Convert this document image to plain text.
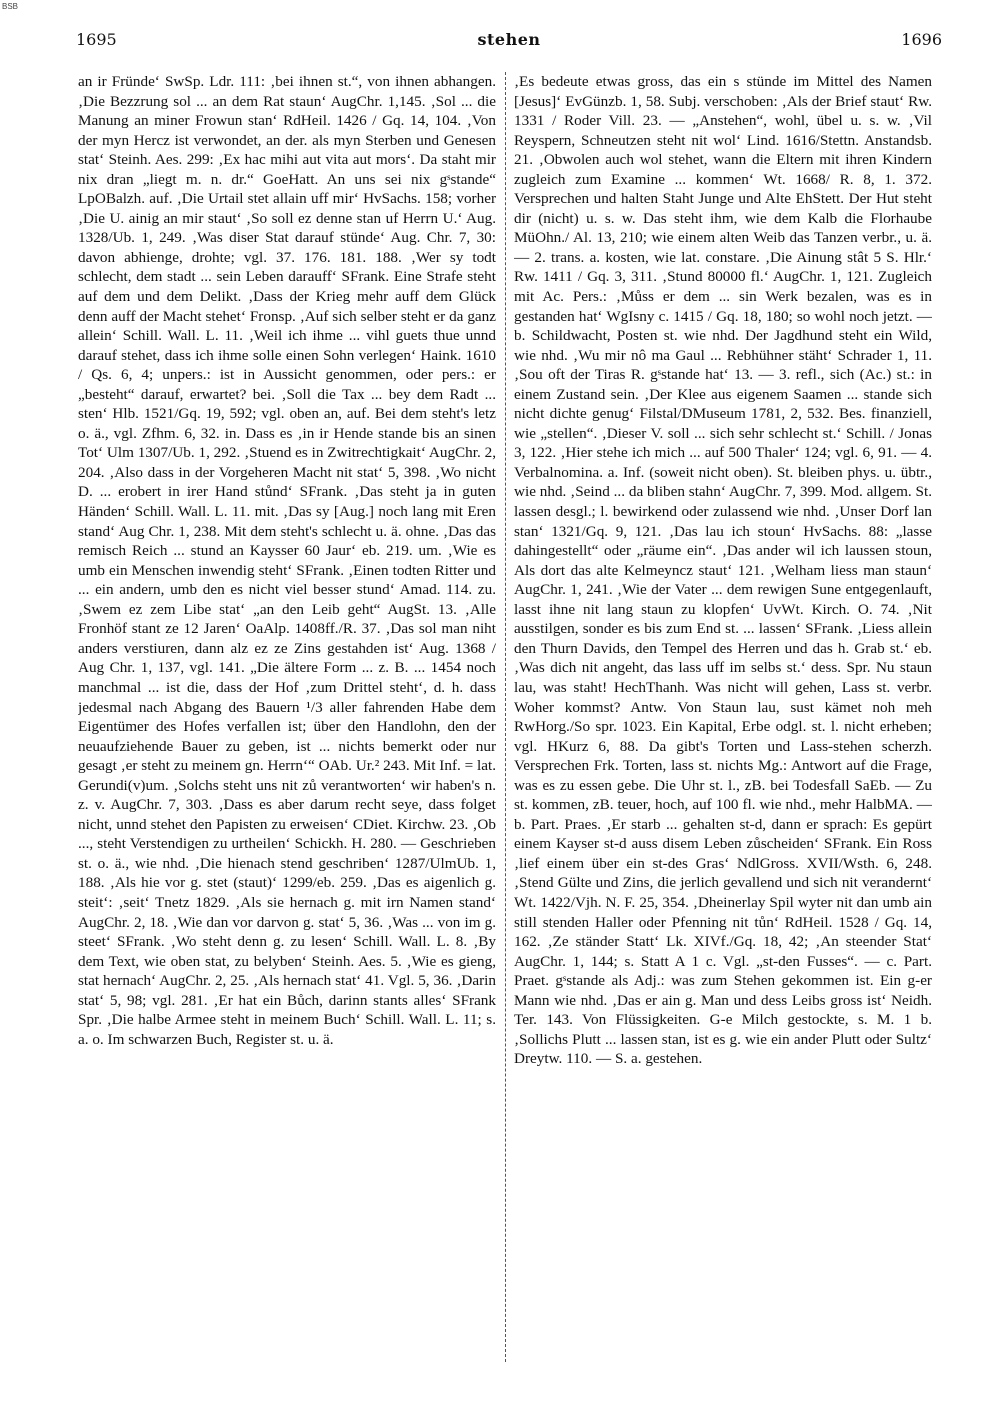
BSB
stehen
1695	1696

an ir Fründe‘ SwSp. Ldr. 111: ‚bei ihnen st.“, von ihnen abhangen. ‚Die Bezzrung sol ... an dem Rat staun‘ AugChr. 1,145. ‚Sol ... die Manung an miner Frowun stan‘ RdHeil. 1426 / Gq. 14, 104. ‚Von der myn Hercz ist verwondet, an der. als myn Sterben und Genesen stat‘ Steinh. Aes. 299: ‚Ex hac mihi aut vita aut mors‘. Da staht mir nix dran „liegt m. n. dr.“ GoeHatt. An uns sei nix gˢstande“ LpOBalzh. auf. ‚Die Urtail stet allain uff mir‘ HvSachs. 158; vorher ‚Die U. ainig an mir staut‘ ‚So soll ez denne stan uf Herrn U.‘ Aug. 1328/Ub. 1, 249. ‚Was diser Stat darauf stünde‘ Aug. Chr. 7, 30: davon abhienge, drohte; vgl. 37. 176. 181. 188. ‚Wer sy todt schlecht, dem stadt ... sein Leben darauff‘ SFrank. Eine Strafe steht auf dem und dem Delikt. ‚Dass der Krieg mehr auff dem Glück denn auff der Macht stehet‘ Fronsp. ‚Auf sich selber steht er da ganz allein‘ Schill. Wall. L. 11. ‚Weil ich ihme ... vihl guets thue unnd darauf stehet, dass ich ihme solle einen Sohn verlegen‘ Haink. 1610 / Qs. 6, 4; unpers.: ist in Aussicht genommen, oder pers.: er „besteht“ darauf, erwartet? bei. ‚Soll die Tax ... bey dem Radt ... sten‘ Hlb. 1521/Gq. 19, 592; vgl. oben an, auf. Bei dem steht's letz o. ä., vgl. Zfhm. 6, 32. in. Dass es ‚in ir Hende stande bis an sinen Tot‘ Ulm 1307/Ub. 1, 292. ‚Stuend es in Zwitrechtigkait‘ AugChr. 2, 204. ‚Also dass in der Vorgeheren Macht nit stat‘ 5, 398. ‚Wo nicht D. ... erobert in irer Hand stůnd‘ SFrank. ‚Das steht ja in guten Händen‘ Schill. Wall. L. 11. mit. ‚Das sy [Aug.] noch lang mit Eren stand‘ Aug Chr. 1, 238. Mit dem steht's schlecht u. ä. ohne. ‚Das das remisch Reich ... stund an Kaysser 60 Jaur‘ eb. 219. um. ‚Wie es umb ein Menschen inwendig steht‘ SFrank. ‚Einen todten Ritter und ... ein andern, umb den es nicht viel besser stund‘ Amad. 114. zu. ‚Swem ez zem Libe stat‘ „an den Leib geht“ AugSt. 13. ‚Alle Fronhöf stant ze 12 Jaren‘ OaAlp. 1408ff./R. 37. ‚Das sol man niht anders verstiuren, dann alz ez ze Zins gestahden ist‘ Aug. 1368 / Aug Chr. 1, 137, vgl. 141. „Die ältere Form ... z. B. ... 1454 noch manchmal ... ist die, dass der Hof ‚zum Drittel steht‘, d. h. dass jedesmal nach Abgang des Bauern ¹/3 aller fahrenden Habe dem Eigentümer des Hofes verfallen ist; über den Handlohn, den der neuaufziehende Bauer zu geben, ist ... nichts bemerkt oder nur gesagt ‚er steht zu meinem gn. Herrn‘“ OAb. Ur.² 243. Mit Inf. = lat. Gerundi(v)um. ‚Solchs steht uns nit zů verantworten‘ wir haben's n. z. v. AugChr. 7, 303. ‚Dass es aber darum recht seye, dass folget nicht, unnd stehet den Papisten zu erweisen‘ CDiet. Kirchw. 23. ‚Ob ..., steht Verstendigen zu urtheilen‘ Schickh. H. 280. — Geschrieben st. o. ä., wie nhd. ‚Die hienach stend geschriben‘ 1287/UlmUb. 1, 188. ‚Als hie vor g. stet (staut)‘ 1299/eb. 259. ‚Das es aigenlich g. steit‘: ‚seit‘ Tnetz 1829. ‚Als sie hernach g. mit irn Namen stand‘ AugChr. 2, 18. ‚Wie dan vor darvon g. stat‘ 5, 36. ‚Was ... von im g. steet‘ SFrank. ‚Wo steht denn g. zu lesen‘ Schill. Wall. L. 8. ‚By dem Text, wie oben stat, zu belyben‘ Steinh. Aes. 5. ‚Wie es gieng, stat hernach‘ AugChr. 2, 25. ‚Als hernach stat‘ 41. Vgl. 5, 36. ‚Darin stat‘ 5, 98; vgl. 281. ‚Er hat ein Bůch, darinn stants alles‘ SFrank Spr. ‚Die halbe Armee steht in meinem Buch‘ Schill. Wall. L. 11; s. a. o. Im schwarzen Buch, Register st. u. ä.

‚Es bedeute etwas gross, das ein s stünde im Mittel des Namen [Jesus]‘ EvGünzb. 1, 58. Subj. verschoben: ‚Als der Brief staut‘ Rw. 1331 / Roder Vill. 23. — „Anstehen“, wohl, übel u. s. w. ‚Vil Reyspern, Schneutzen steht nit wol‘ Lind. 1616/Stettn. Anstandsb. 21. ‚Obwolen auch wol stehet, wann die Eltern mit ihren Kindern zugleich zum Examine ... kommen‘ Wt. 1668/ R. 8, 1. 372. Versprechen und halten Staht Junge und Alte EhStett. Der Hut steht dir (nicht) u. s. w. Das steht ihm, wie dem Kalb die Florhaube MüOhn./ Al. 13, 210; wie einem alten Weib das Tanzen verbr., u. ä. — 2. trans. a. kosten, wie lat. constare. ‚Die Ainung stât 5 S. Hlr.‘ Rw. 1411 / Gq. 3, 311. ‚Stund 80000 fl.‘ AugChr. 1, 121. Zugleich mit Ac. Pers.: ‚Můss er dem ... sin Werk bezalen, was es in gestanden hat‘ WgIsny c. 1415 / Gq. 18, 180; so wohl noch jetzt. — b. Schildwacht, Posten st. wie nhd. Der Jagdhund steht ein Wild, wie nhd. ‚Wu mir nô ma Gaul ... Rebhühner stäht‘ Schrader 1, 11. ‚Sou oft der Tiras R. gˢstande hat‘ 13. — 3. refl., sich (Ac.) st.: in einem Zustand sein. ‚Der Klee aus eigenem Saamen ... stande sich nicht dichte genug‘ Filstal/DMuseum 1781, 2, 532. Bes. finanziell, wie „stellen“. ‚Dieser V. soll ... sich sehr schlecht st.‘ Schill. / Jonas 3, 122. ‚Hier stehe ich mich ... auf 500 Thaler‘ 124; vgl. 6, 91. — 4. Verbalnomina. a. Inf. (soweit nicht oben). St. bleiben phys. u. übtr., wie nhd. ‚Seind ... da bliben stahn‘ AugChr. 7, 399. Mod. allgem. St. lassen desgl.; l. bewirkend oder zulassend wie nhd. ‚Unser Dorf lan stan‘ 1321/Gq. 9, 121. ‚Das lau ich stoun‘ HvSachs. 88: „lasse dahingestellt“ oder „räume ein“. ‚Das ander wil ich laussen stoun, Als dort das alte Kelmeyncz staut‘ 121. ‚Welham liess man staun‘ AugChr. 1, 241. ‚Wie der Vater ... dem rewigen Sune entgegenlauft, lasst ihne nit lang staun zu klopfen‘ UvWt. Kirch. O. 74. ‚Nit ausstilgen, sonder es bis zum End st. ... lassen‘ SFrank. ‚Liess allein den Thurn Davids, den Tempel des Herren und das h. Grab st.‘ eb. ‚Was dich nit angeht, das lass uff im selbs st.‘ dess. Spr. Nu staun lau, was staht! HechThanh. Was nicht will gehen, Lass st. verbr. Woher kommst? Antw. Von Staun lau, sust kämet noh meh RwHorg./So spr. 1023. Ein Kapital, Erbe odgl. st. l. nicht erheben; vgl. HKurz 6, 88. Da gibt's Torten und Lass-stehen scherzh. Versprechen Frk. Torten, lass st. nichts Mg.: Antwort auf die Frage, was es zu essen gebe. Die Uhr st. l., zB. bei Todesfall SaEb. — Zu st. kommen, zB. teuer, hoch, auf 100 fl. wie nhd., mehr HalbMA. — b. Part. Praes. ‚Er starb ... gehalten st-d, dann er sprach: Es gepürt einem Kayser st-d auss disem Leben zůscheiden‘ SFrank. Ein Ross ‚lief einem über ein st-des Gras‘ NdlGross. XVII/Wsth. 6, 248. ‚Stend Gülte und Zins, die jerlich gevallend und sich nit verandernt‘ Wt. 1422/Vjh. N. F. 25, 354. ‚Dheinerlay Spil wyter nit dan umb ain still stenden Haller oder Pfenning nit tůn‘ RdHeil. 1528 / Gq. 14, 162. ‚Ze ständer Statt‘ Lk. XIVf./Gq. 18, 42; ‚An steender Stat‘ AugChr. 1, 144; s. Statt A 1 c. Vgl. „st-den Fusses“. — c. Part. Praet. gˢstande als Adj.: was zum Stehen gekommen ist. Ein g-er Mann wie nhd. ‚Das er ain g. Man und dess Leibs gross ist‘ Neidh. Ter. 143. Von Flüssigkeiten. G-e Milch gestockte, s. M. 1 b. ‚Sollichs Plutt ... lassen stan, ist es g. wie ein ander Plutt oder Sultz‘ Dreytw. 110. — S. a. gestehen.
